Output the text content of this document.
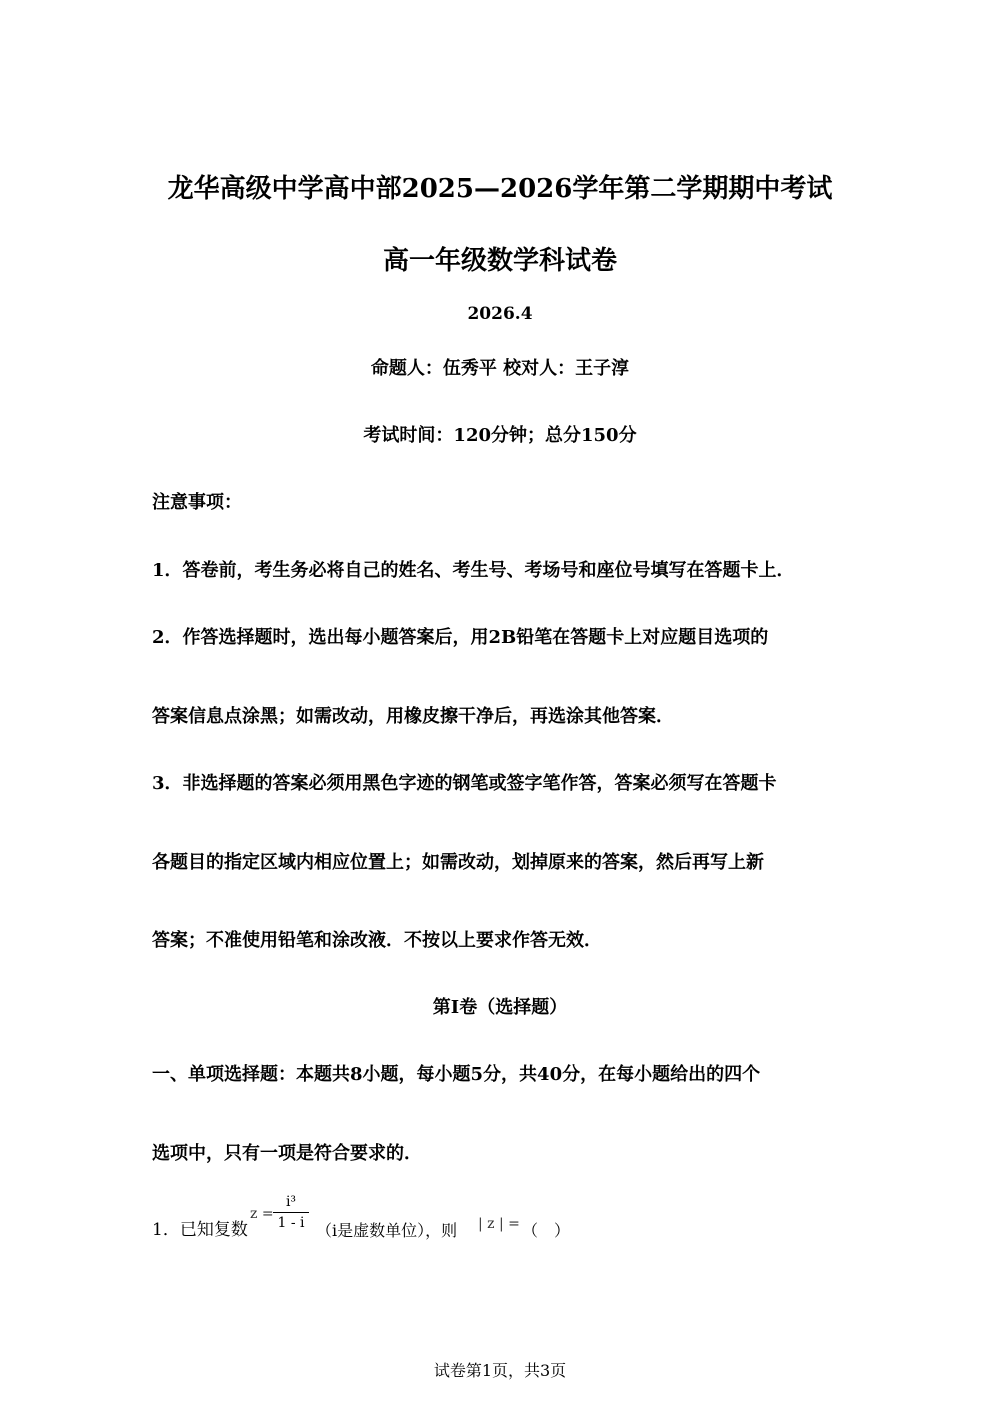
龙华高级中学高中部2025—2026学年第二学期期中考试
高一年级数学科试卷
2026.4
命题人：伍秀平 校对人：王子淳
考试时间：120分钟；总分150分
注意事项：
1．答卷前，考生务必将自己的姓名、考生号、考场号和座位号填写在答题卡上．
2．作答选择题时，选出每小题答案后，用2B铅笔在答题卡上对应题目选项的
答案信息点涂黑；如需改动，用橡皮擦干净后，再选涂其他答案．
3．非选择题的答案必须用黑色字迹的钢笔或签字笔作答，答案必须写在答题卡
各题目的指定区域内相应位置上；如需改动，划掉原来的答案，然后再写上新
答案；不准使用铅笔和涂改液．不按以上要求作答无效．
第Ⅰ卷（选择题）
一、单项选择题：本题共8小题，每小题5分，共40分，在每小题给出的四个
选项中，只有一项是符合要求的．
1．已知复数
z =
i³
1 - i （i是虚数单位），则 | z | = （　）
试卷第1页，共3页
